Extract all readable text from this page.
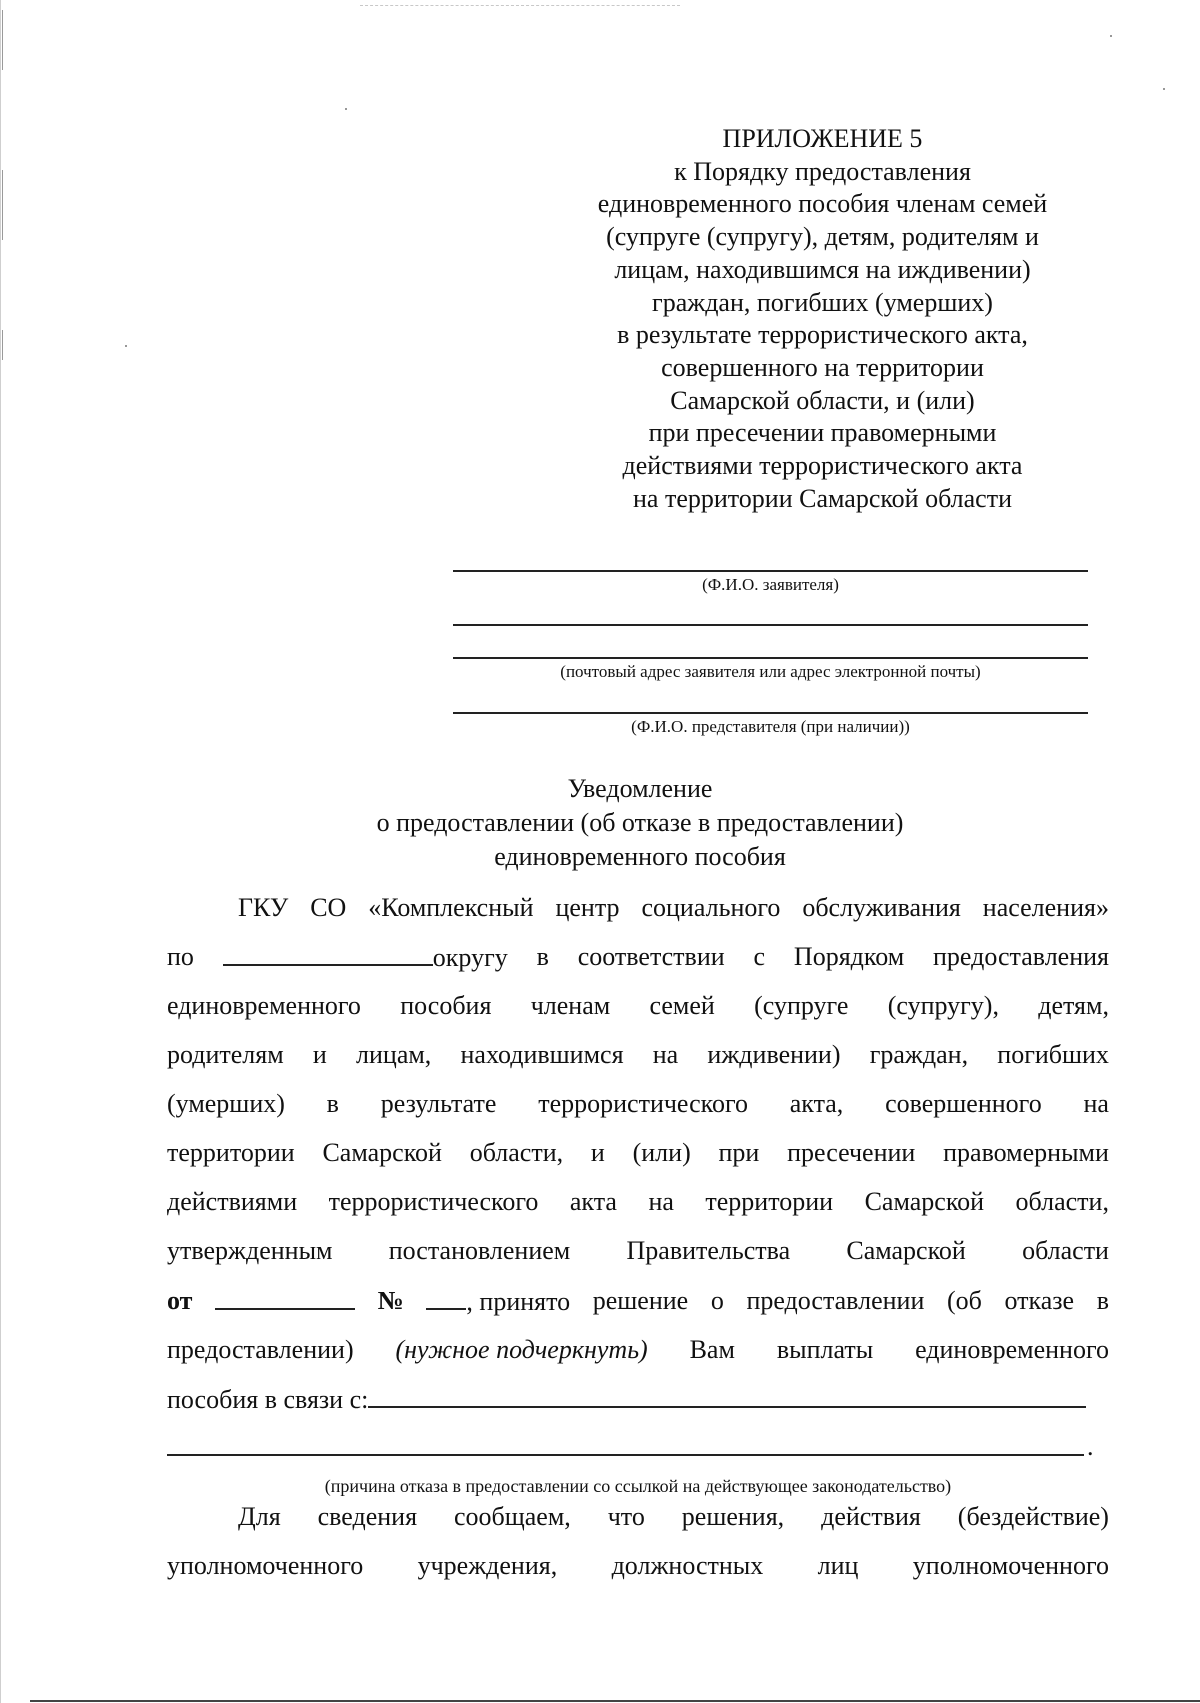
ПРИЛОЖЕНИЕ 5
к Порядку предоставления
единовременного пособия членам семей
(супруге (супругу), детям, родителям и
лицам, находившимся на иждивении)
граждан, погибших (умерших)
в результате террористического акта,
совершенного на территории
Самарской области, и (или)
при пресечении правомерными
действиями террористического акта
на территории Самарской области
(Ф.И.О. заявителя)
(почтовый адрес заявителя или адрес электронной почты)
(Ф.И.О. представителя (при наличии))
Уведомление
о предоставлении (об отказе в предоставлении)
единовременного пособия
ГКУ СО «Комплексный центр социального обслуживания населения»
по	округу в соответствии с Порядком предоставления
единовременного пособия членам семей (супруге (супругу), детям,
родителям и лицам, находившимся на иждивении) граждан, погибших
(умерших) в результате террористического акта, совершенного на
территории Самарской области, и (или) при пресечении правомерными
действиями террористического акта на территории Самарской области,
утвержденным постановлением Правительства Самарской области
от	№	, принято решение о предоставлении (об отказе в
предоставлении) (нужное подчеркнуть) Вам выплаты единовременного
пособия в связи с:
.
(причина отказа в предоставлении со ссылкой на действующее законодательство)
Для сведения сообщаем, что решения, действия (бездействие)
уполномоченного учреждения, должностных лиц уполномоченного
